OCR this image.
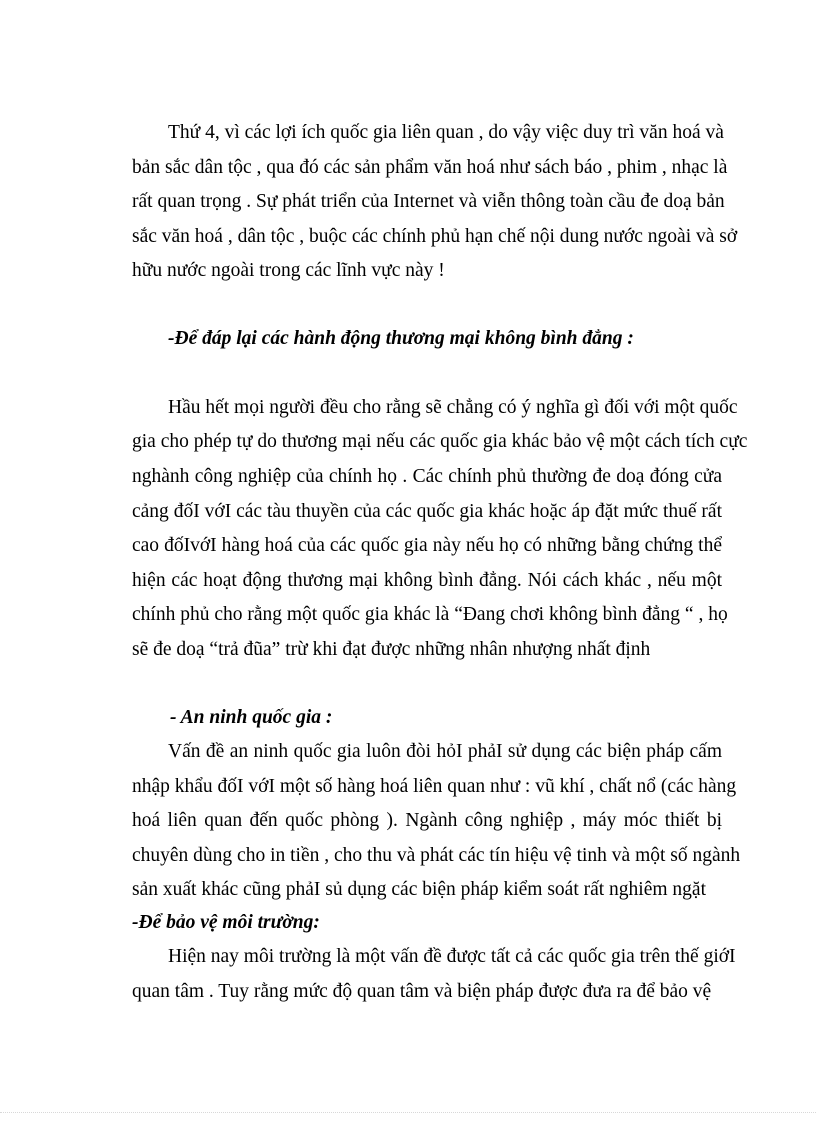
Thứ 4, vì các lợi ích quốc gia liên quan , do vậy việc duy trì văn hoá và
bản sắc dân tộc , qua đó các sản phẩm văn hoá như sách báo , phim , nhạc là
rất quan trọng . Sự phát triển của Internet và viễn thông toàn cầu đe doạ bản
sắc văn hoá , dân tộc , buộc các chính phủ hạn chế nội dung nước ngoài và sở
hữu nước ngoài trong các lĩnh vực này !
-Để đáp lại các hành động thương mại không bình đẳng :
Hầu hết mọi người đều cho rằng sẽ chẳng có ý nghĩa gì đối với một quốc
gia cho phép tự do thương mại nếu các quốc gia khác bảo vệ một cách tích cực
nghành công nghiệp của chính họ . Các chính phủ thường đe doạ đóng cửa
cảng đốI vớI các tàu thuyền của các quốc gia khác hoặc áp đặt mức thuế rất
cao đốIvớI hàng hoá của các quốc gia này nếu họ có những bằng chứng thể
hiện các hoạt động thương mại không bình đẳng. Nói cách khác , nếu một
chính phủ cho rằng một quốc gia khác là “Đang chơi không bình đẳng “ , họ
sẽ đe doạ “trả đũa” trừ khi đạt được những nhân nhượng nhất định
- An ninh quốc gia :
Vấn đề an ninh quốc gia luôn đòi hỏI phảI sử dụng các biện pháp cấm
nhập khẩu đốI vớI một số hàng hoá liên quan như : vũ khí , chất nổ (các hàng
hoá liên quan đến quốc phòng ). Ngành công nghiệp , máy móc thiết bị
chuyên dùng cho in tiền , cho thu và phát các tín hiệu vệ tinh và một số ngành
sản xuất khác cũng phảI sủ dụng các biện pháp kiểm soát rất nghiêm ngặt
-Để bảo vệ môi trường:
Hiện nay môi trường là một vấn đề được tất cả các quốc gia trên thế giớI
quan tâm . Tuy rằng mức độ quan tâm và biện pháp được đưa ra để bảo vệ
